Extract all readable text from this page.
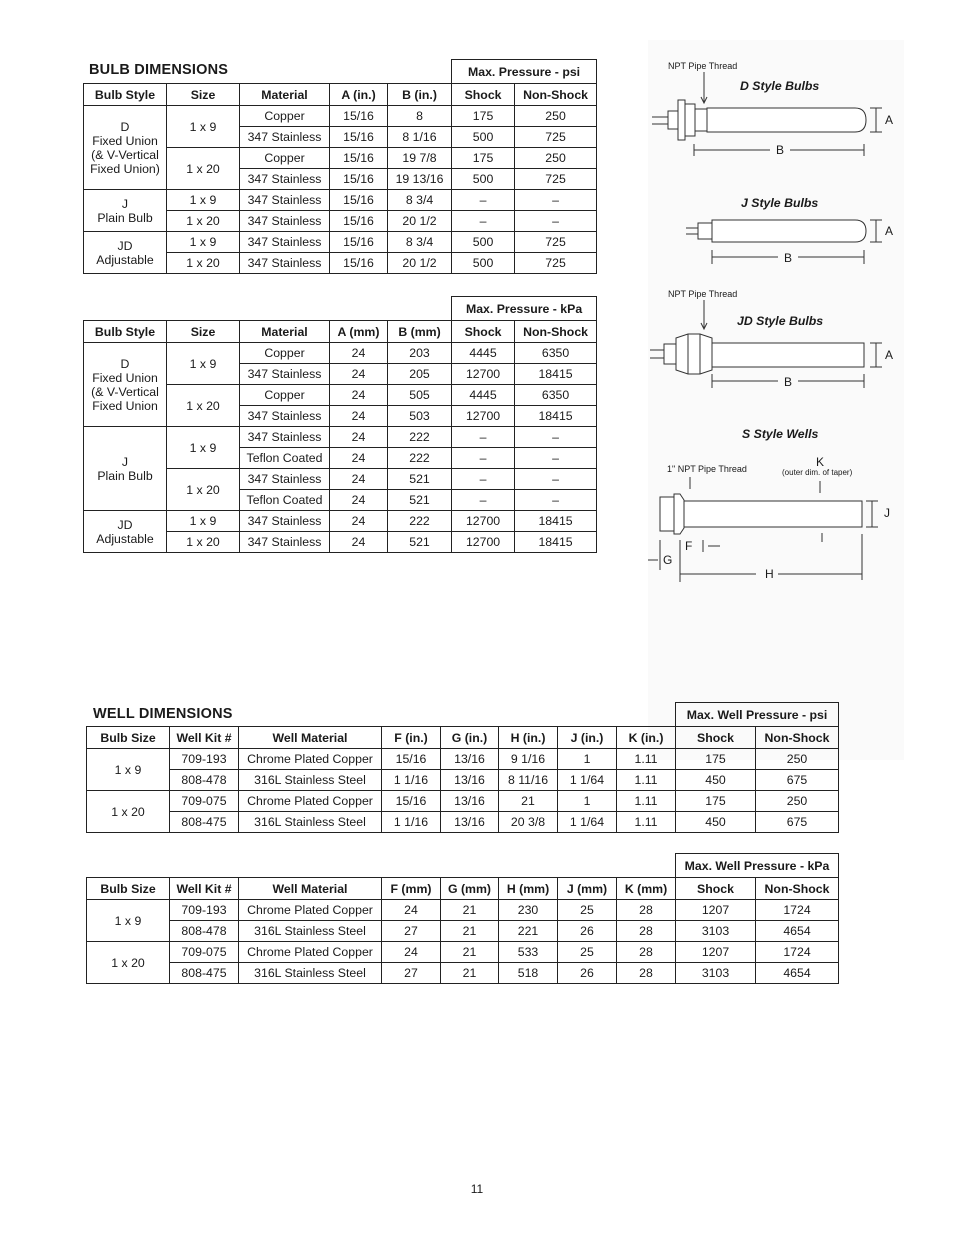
BULB DIMENSIONS
					Max. Pressure - psi	
Bulb Style	Size	Material	A (in.)	B (in.)	Shock	Non-Shock
D
Fixed Union
(& V-Vertical
Fixed Union)	1 x 9	Copper	15/16	8	175	250
		347 Stainless	15/16	8 1/16	500	725
	1 x 20	Copper	15/16	19 7/8	175	250
		347 Stainless	15/16	19 13/16	500	725
J
Plain Bulb	1 x 9	347 Stainless	15/16	8 3/4	–	–
	1 x 20	347 Stainless	15/16	20 1/2	–	–
JD
Adjustable	1 x 9	347 Stainless	15/16	8 3/4	500	725
	1 x 20	347 Stainless	15/16	20 1/2	500	725
					Max. Pressure - kPa	
Bulb Style	Size	Material	A (mm)	B (mm)	Shock	Non-Shock
D
Fixed Union
(& V-Vertical
Fixed Union	1 x 9	Copper	24	203	4445	6350
		347 Stainless	24	205	12700	18415
	1 x 20	Copper	24	505	4445	6350
		347 Stainless	24	503	12700	18415
J
Plain Bulb	1 x 9	347 Stainless	24	222	–	–
		Teflon Coated	24	222	–	–
	1 x 20	347 Stainless	24	521	–	–
		Teflon Coated	24	521	–	–
JD
Adjustable	1 x 9	347 Stainless	24	222	12700	18415
	1 x 20	347 Stainless	24	521	12700	18415
WELL DIMENSIONS
								Max. Well Pressure - psi	
Bulb Size	Well Kit #	Well Material	F (in.)	G (in.)	H (in.)	J (in.)	K (in.)	Shock	Non-Shock
1 x 9	709-193	Chrome Plated Copper	15/16	13/16	9 1/16	1	1.11	175	250
	808-478	316L Stainless Steel	1 1/16	13/16	8 11/16	1 1/64	1.11	450	675
1 x 20	709-075	Chrome Plated Copper	15/16	13/16	21	1	1.11	175	250
	808-475	316L Stainless Steel	1 1/16	13/16	20 3/8	1 1/64	1.11	450	675
								Max. Well Pressure - kPa	
Bulb Size	Well Kit #	Well Material	F (mm)	G (mm)	H (mm)	J (mm)	K (mm)	Shock	Non-Shock
1 x 9	709-193	Chrome Plated Copper	24	21	230	25	28	1207	1724
	808-478	316L Stainless Steel	27	21	221	26	28	3103	4654
1 x 20	709-075	Chrome Plated Copper	24	21	533	25	28	1207	1724
	808-475	316L Stainless Steel	27	21	518	26	28	3103	4654
NPT Pipe Thread
D Style Bulbs
J Style Bulbs
NPT Pipe Thread
JD Style Bulbs
S Style Wells
1" NPT Pipe Thread	(outer dim. of taper)
A
B
A
B
A
B
K
J
F
G
H
11
